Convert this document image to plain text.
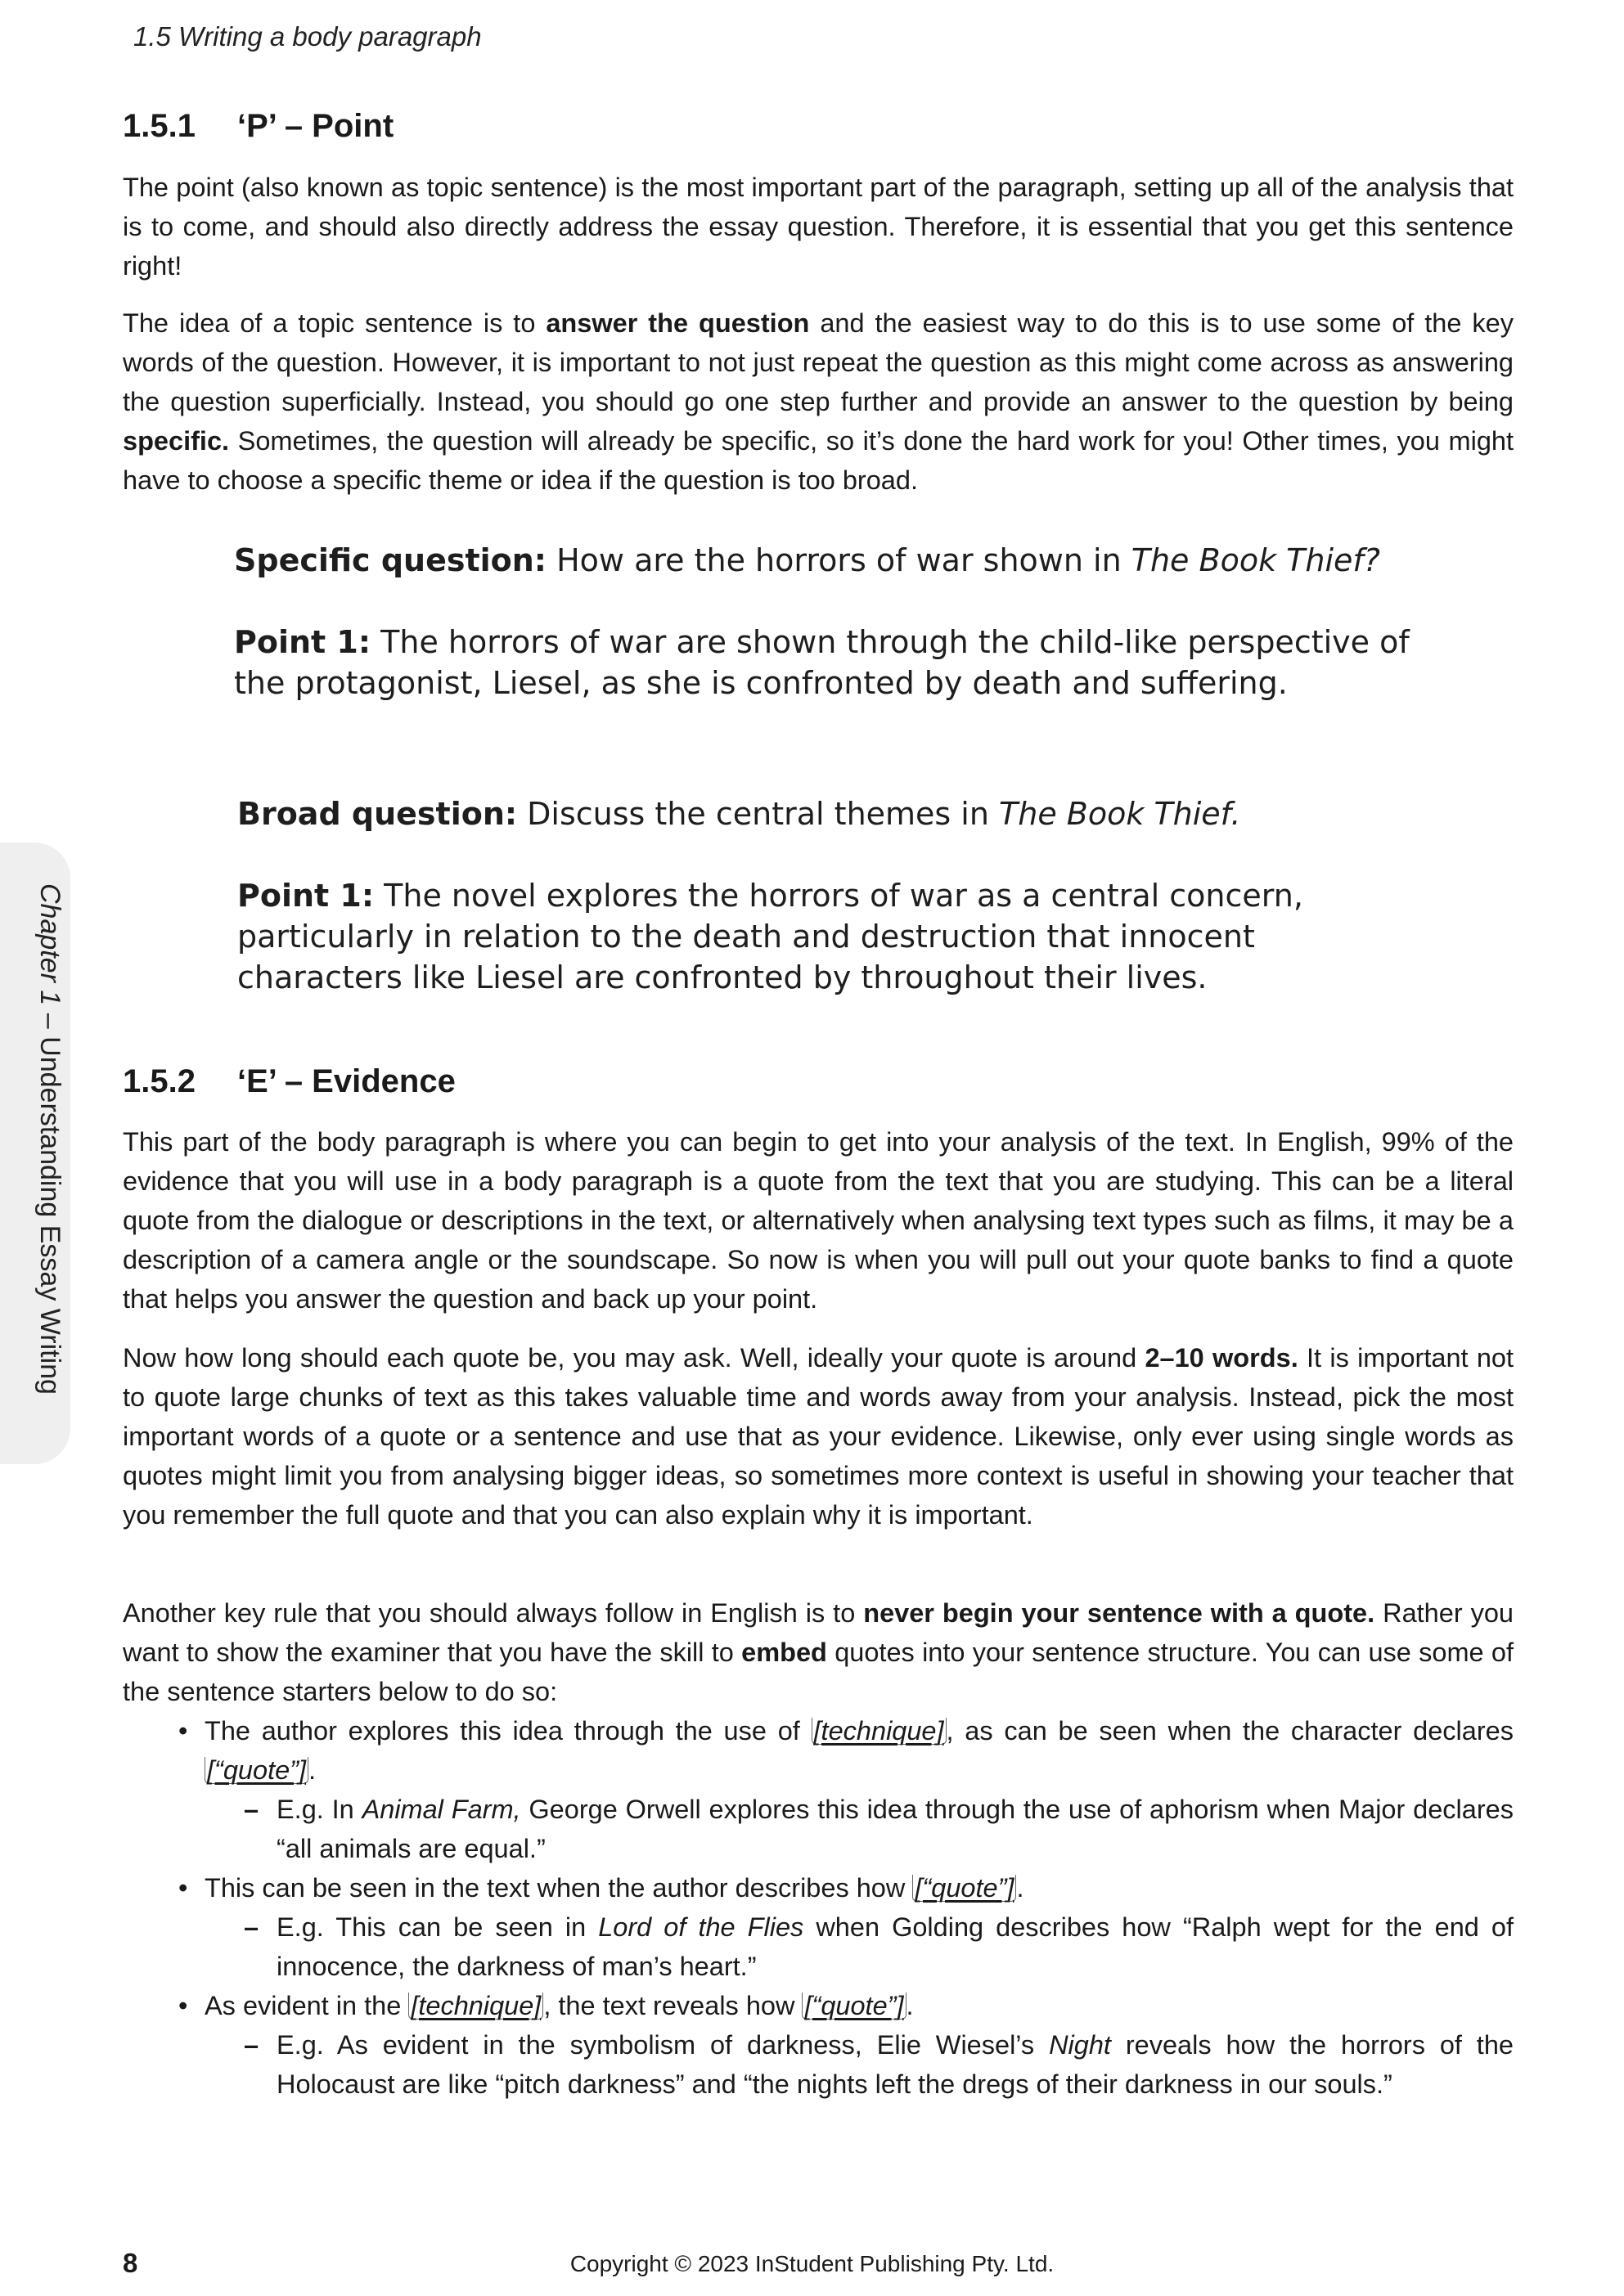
1.5 Writing a body paragraph
Chapter 1 – Understanding Essay Writing
1.5.1 ‘P’ – Point

The point (also known as topic sentence) is the most important part of the paragraph, setting up all of the analysis that is to come, and should also directly address the essay question. Therefore, it is essential that you get this sentence right!

The idea of a topic sentence is to answer the question and the easiest way to do this is to use some of the key words of the question. However, it is important to not just repeat the question as this might come across as answering the question superficially. Instead, you should go one step further and provide an answer to the question by being specific. Sometimes, the question will already be specific, so it’s done the hard work for you! Other times, you might have to choose a specific theme or idea if the question is too broad.

Specific question: How are the horrors of war shown in The Book Thief?

Point 1: The horrors of war are shown through the child-like perspective of the protagonist, Liesel, as she is confronted by death and suffering.

Broad question: Discuss the central themes in The Book Thief.

Point 1: The novel explores the horrors of war as a central concern, particularly in relation to the death and destruction that innocent characters like Liesel are confronted by throughout their lives.

1.5.2 ‘E’ – Evidence

This part of the body paragraph is where you can begin to get into your analysis of the text. In English, 99% of the evidence that you will use in a body paragraph is a quote from the text that you are studying. This can be a literal quote from the dialogue or descriptions in the text, or alternatively when analysing text types such as films, it may be a description of a camera angle or the soundscape. So now is when you will pull out your quote banks to find a quote that helps you answer the question and back up your point.

Now how long should each quote be, you may ask. Well, ideally your quote is around 2–10 words. It is important not to quote large chunks of text as this takes valuable time and words away from your analysis. Instead, pick the most important words of a quote or a sentence and use that as your evidence. Likewise, only ever using single words as quotes might limit you from analysing bigger ideas, so sometimes more context is useful in showing your teacher that you remember the full quote and that you can also explain why it is important.

Another key rule that you should always follow in English is to never begin your sentence with a quote. Rather you want to show the examiner that you have the skill to embed quotes into your sentence structure. You can use some of the sentence starters below to do so:

• The author explores this idea through the use of [technique], as can be seen when the character declares [“quote”].
– E.g. In Animal Farm, George Orwell explores this idea through the use of aphorism when Major declares “all animals are equal.”
• This can be seen in the text when the author describes how [“quote”].
– E.g. This can be seen in Lord of the Flies when Golding describes how “Ralph wept for the end of innocence, the darkness of man’s heart.”
• As evident in the [technique], the text reveals how [“quote”].
– E.g. As evident in the symbolism of darkness, Elie Wiesel’s Night reveals how the horrors of the Holocaust are like “pitch darkness” and “the nights left the dregs of their darkness in our souls.”
8	Copyright © 2023 InStudent Publishing Pty. Ltd.
